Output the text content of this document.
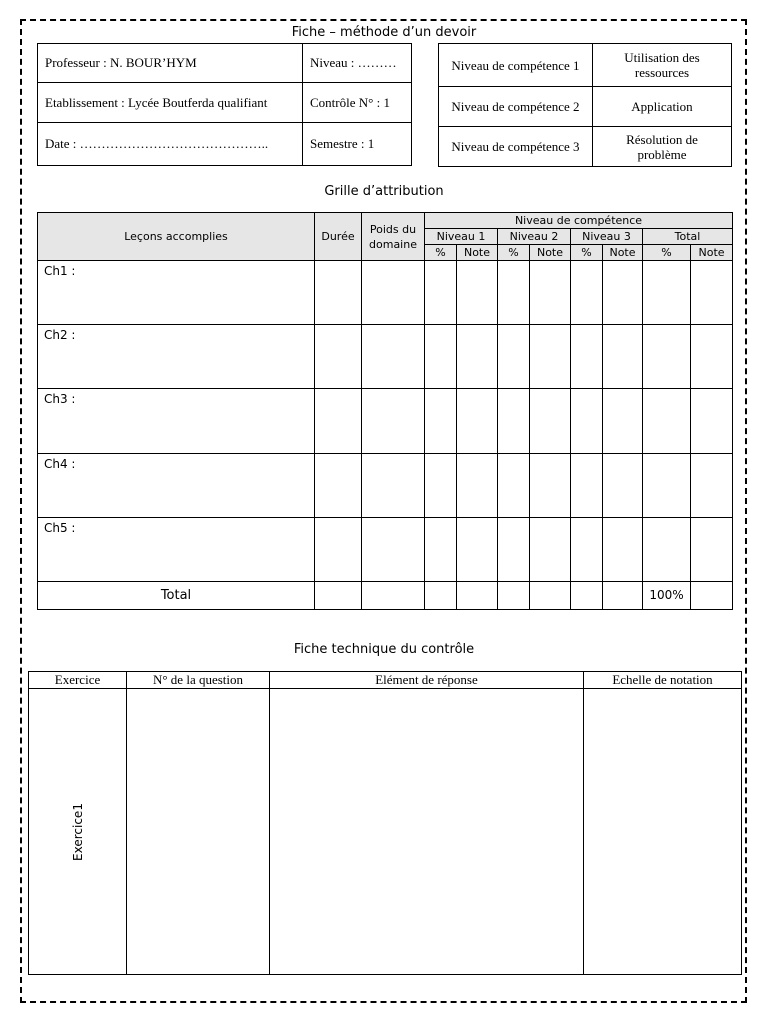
Fiche – méthode d’un devoir
Professeur : N. BOUR’HYM	Niveau : ………
Etablissement : Lycée Boutferda qualifiant	Contrôle N° : 1
Date : ……………………………………..	Semestre : 1
Niveau de compétence 1	Utilisation des ressources
Niveau de compétence 2	Application
Niveau de compétence 3	Résolution de problème
Grille d’attribution
Leçons accomplies	Durée	Poids du domaine	Niveau de compétence							
			Niveau 1		Niveau 2		Niveau 3		Total	
			%	Note	%	Note	%	Note	%	Note
Ch1 :										
Ch2 :										
Ch3 :										
Ch4 :										
Ch5 :										
Total									100%	
Fiche technique du contrôle
Exercice	N° de la question	Elément de réponse	Echelle de notation
Exercice1			
